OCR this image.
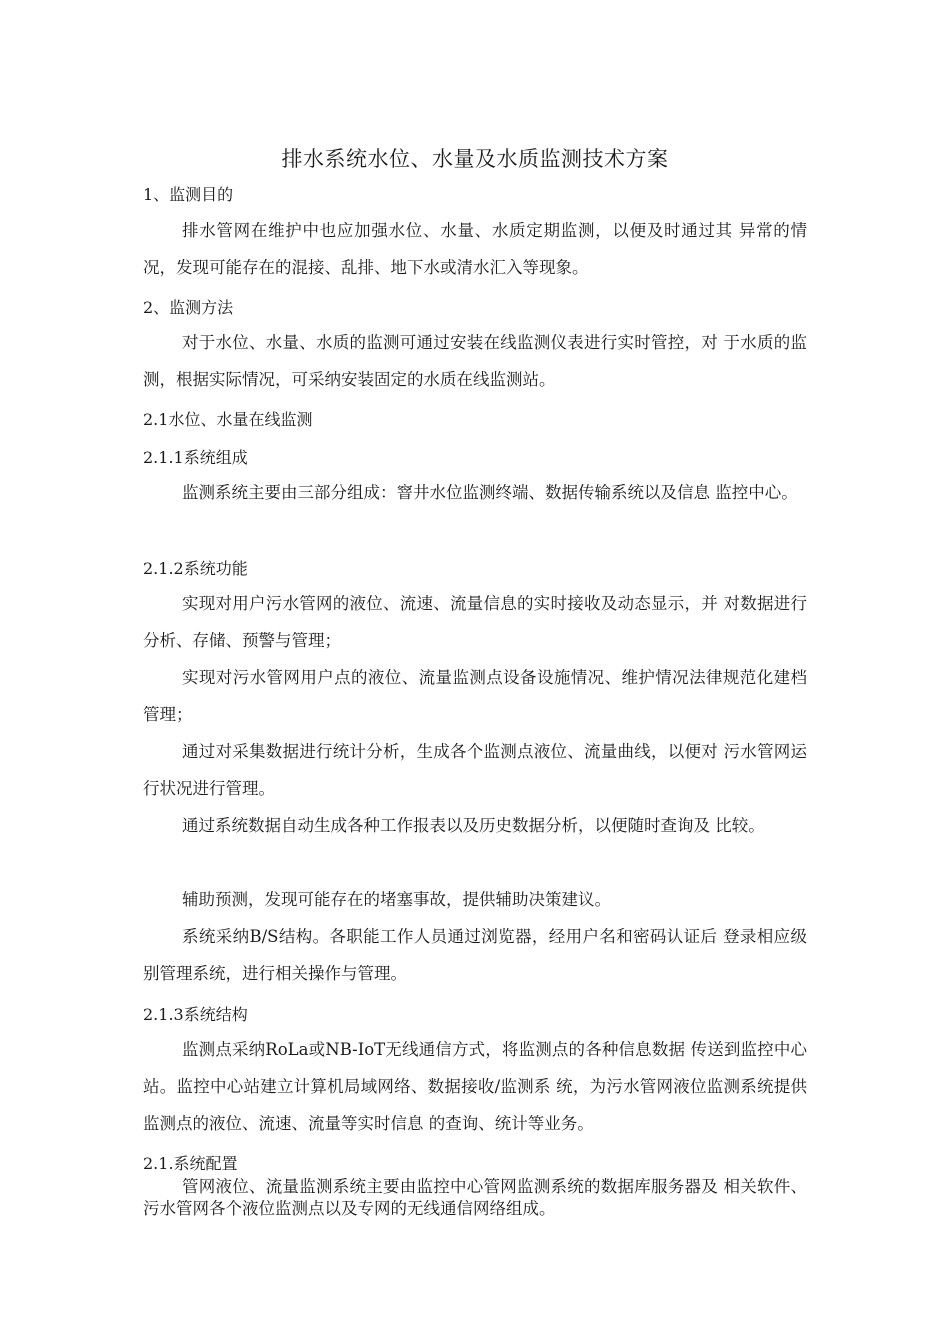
排水系统水位、水量及水质监测技术方案
1、监测目的

排水管网在维护中也应加强水位、水量、水质定期监测，以便及时通过其 异常的情况，发现可能存在的混接、乱排、地下水或清水汇入等现象。

2、监测方法

对于水位、水量、水质的监测可通过安装在线监测仪表进行实时管控，对 于水质的监测，根据实际情况，可采纳安装固定的水质在线监测站。

2.1水位、水量在线监测
2.1.1系统组成

监测系统主要由三部分组成：窨井水位监测终端、数据传输系统以及信息 监控中心。

2.1.2系统功能

实现对用户污水管网的液位、流速、流量信息的实时接收及动态显示，并 对数据进行分析、存储、预警与管理；

实现对污水管网用户点的液位、流量监测点设备设施情况、维护情况法律规范化建档管理；

通过对采集数据进行统计分析，生成各个监测点液位、流量曲线，以便对 污水管网运行状况进行管理。

通过系统数据自动生成各种工作报表以及历史数据分析，以便随时查询及 比较。

辅助预测，发现可能存在的堵塞事故，提供辅助决策建议。

系统采纳B/S结构。各职能工作人员通过浏览器，经用户名和密码认证后 登录相应级别管理系统，进行相关操作与管理。

2.1.3系统结构

监测点采纳RoLa或NB-IoT无线通信方式，将监测点的各种信息数据 传送到监控中心站。监控中心站建立计算机局域网络、数据接收/监测系 统，为污水管网液位监测系统提供监测点的液位、流速、流量等实时信息 的查询、统计等业务。

2.1.系统配置

管网液位、流量监测系统主要由监控中心管网监测系统的数据库服务器及 相关软件、污水管网各个液位监测点以及专网的无线通信网络组成。
